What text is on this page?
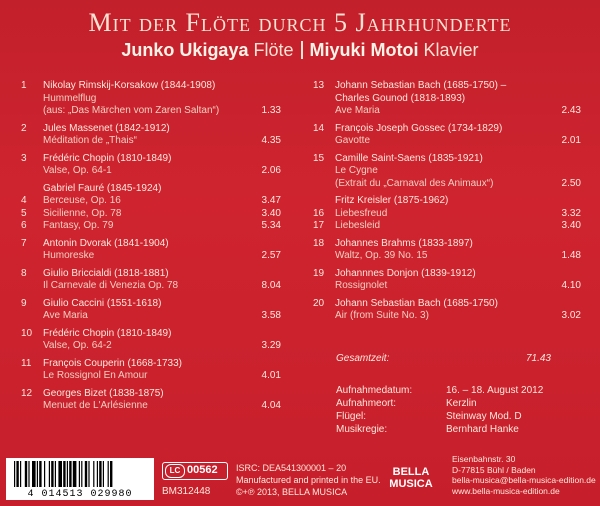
Mit der Flöte durch 5 Jahrhunderte
Junko Ukigaya Flöte Miyuki Motoi Klavier
1	Nikolay Rimskij-Korsakow (1844-1908)
Hummelflug
(aus: „Das Märchen vom Zaren Saltan“)	1.33
2	Jules Massenet (1842-1912)
Méditation de „Thais“	4.35
3	Frédéric Chopin (1810-1849)
Valse, Op. 64-1	2.06
Gabriel Fauré (1845-1924)
4	Berceuse, Op. 16	3.47
5	Sicilienne, Op. 78	3.40
6	Fantasy, Op. 79	5.34
7	Antonin Dvorak (1841-1904)
Humoreske	2.57
8	Giulio Briccialdi (1818-1881)
Il Carnevale di Venezia Op. 78	8.04
9	Giulio Caccini (1551-1618)
Ave Maria	3.58
10	Frédéric Chopin (1810-1849)
Valse, Op. 64-2	3.29
11	François Couperin (1668-1733)
Le Rossignol En Amour	4.01
12	Georges Bizet (1838-1875)
Menuet de L'Arlésienne	4.04
13	Johann Sebastian Bach (1685-1750) –
Charles Gounod (1818-1893)
Ave Maria	2.43
14	François Joseph Gossec (1734-1829)
Gavotte	2.01
15	Camille Saint-Saens (1835-1921)
Le Cygne
(Extrait du „Carnaval des Animaux“)	2.50
Fritz Kreisler (1875-1962)
16	Liebesfreud	3.32
17	Liebesleid	3.40
18	Johannes Brahms (1833-1897)
Waltz, Op. 39 No. 15	1.48
19	Johannnes Donjon (1839-1912)
Rossignolet	4.10
20	Johann Sebastian Bach (1685-1750)
Air (from Suite No. 3)	3.02
Gesamtzeit:	71.43
Aufnahmedatum:	16. – 18. August 2012
Aufnahmeort:	Kerzlin
Flügel:	Steinway Mod. D
Musikregie:	Bernhard Hanke
4 014513 029980
LC 00562
BM312448
ISRC: DEA541300001 – 20
Manufactured and printed in the EU.
©+℗ 2013, BELLA MUSICA
BELLA
MUSICA
Eisenbahnstr. 30
D-77815 Bühl / Baden
bella-musica@bella-musica-edition.de
www.bella-musica-edition.de
